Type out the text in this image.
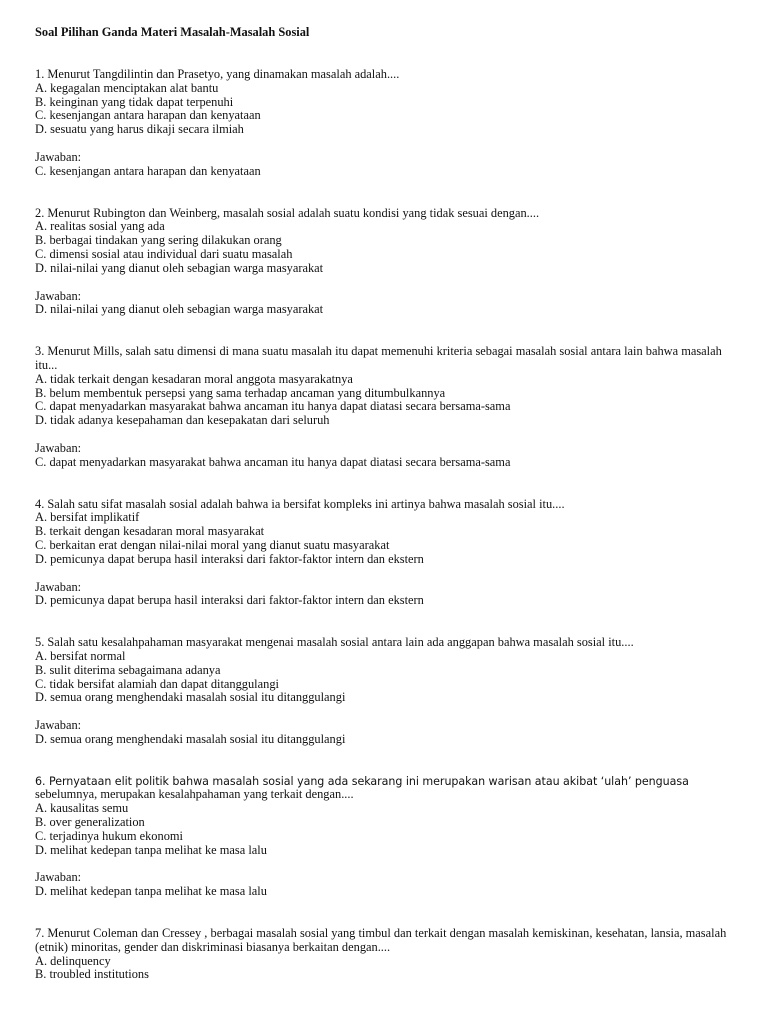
Soal Pilihan Ganda Materi Masalah-Masalah Sosial
1. Menurut Tangdilintin dan Prasetyo, yang dinamakan masalah adalah....
A. kegagalan menciptakan alat bantu
B. keinginan yang tidak dapat terpenuhi
C. kesenjangan antara harapan dan kenyataan
D. sesuatu yang harus dikaji secara ilmiah
Jawaban:
C. kesenjangan antara harapan dan kenyataan
2. Menurut Rubington dan Weinberg, masalah sosial adalah suatu kondisi yang tidak sesuai dengan....
A. realitas sosial yang ada
B. berbagai tindakan yang sering dilakukan orang
C. dimensi sosial atau individual dari suatu masalah
D. nilai-nilai yang dianut oleh sebagian warga masyarakat
Jawaban:
D. nilai-nilai yang dianut oleh sebagian warga masyarakat
3. Menurut Mills, salah satu dimensi di mana suatu masalah itu dapat memenuhi kriteria sebagai masalah sosial antara lain bahwa masalah itu...
A. tidak terkait dengan kesadaran moral anggota masyarakatnya
B. belum membentuk persepsi yang sama terhadap ancaman yang ditumbulkannya
C. dapat menyadarkan masyarakat bahwa ancaman itu hanya dapat diatasi secara bersama-sama
D. tidak adanya kesepahaman dan kesepakatan dari seluruh
Jawaban:
C. dapat menyadarkan masyarakat bahwa ancaman itu hanya dapat diatasi secara bersama-sama
4. Salah satu sifat masalah sosial adalah bahwa ia bersifat kompleks ini artinya bahwa masalah sosial itu....
A. bersifat implikatif
B. terkait dengan kesadaran moral masyarakat
C. berkaitan erat dengan nilai-nilai moral yang dianut suatu masyarakat
D. pemicunya dapat berupa hasil interaksi dari faktor-faktor intern dan ekstern
Jawaban:
D. pemicunya dapat berupa hasil interaksi dari faktor-faktor intern dan ekstern
5. Salah satu kesalahpahaman masyarakat mengenai masalah sosial antara lain ada anggapan bahwa masalah sosial itu....
A. bersifat normal
B. sulit diterima sebagaimana adanya
C. tidak bersifat alamiah dan dapat ditanggulangi
D. semua orang menghendaki masalah sosial itu ditanggulangi
Jawaban:
D. semua orang menghendaki masalah sosial itu ditanggulangi
6. Pernyataan elit politik bahwa masalah sosial yang ada sekarang ini merupakan warisan atau akibat ‘ulah’ penguasa
sebelumnya, merupakan kesalahpahaman yang terkait dengan....
A. kausalitas semu
B. over generalization
C. terjadinya hukum ekonomi
D. melihat kedepan tanpa melihat ke masa lalu
Jawaban:
D. melihat kedepan tanpa melihat ke masa lalu
7. Menurut Coleman dan Cressey , berbagai masalah sosial yang timbul dan terkait dengan masalah kemiskinan, kesehatan, lansia, masalah (etnik) minoritas, gender dan diskriminasi biasanya berkaitan dengan....
A. delinquency
B. troubled institutions
